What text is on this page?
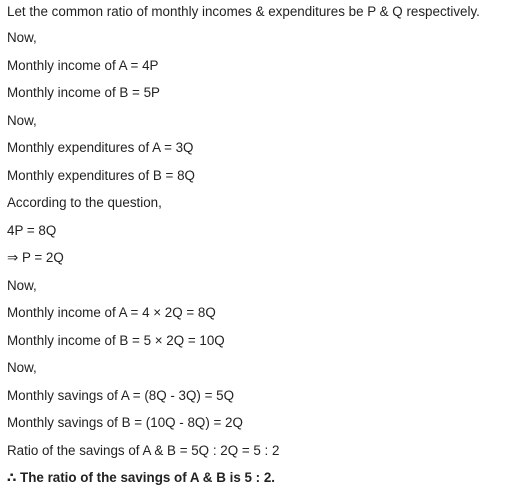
Let the common ratio of monthly incomes & expenditures be P & Q respectively.
Now,
Monthly income of A = 4P
Monthly income of B = 5P
Now,
Monthly expenditures of A = 3Q
Monthly expenditures of B = 8Q
According to the question,
4P = 8Q
⇒ P = 2Q
Now,
Monthly income of A = 4 × 2Q = 8Q
Monthly income of B = 5 × 2Q = 10Q
Now,
Monthly savings of A = (8Q - 3Q) = 5Q
Monthly savings of B = (10Q - 8Q) = 2Q
Ratio of the savings of A & B = 5Q : 2Q = 5 : 2
∴ The ratio of the savings of A & B is 5 : 2.
